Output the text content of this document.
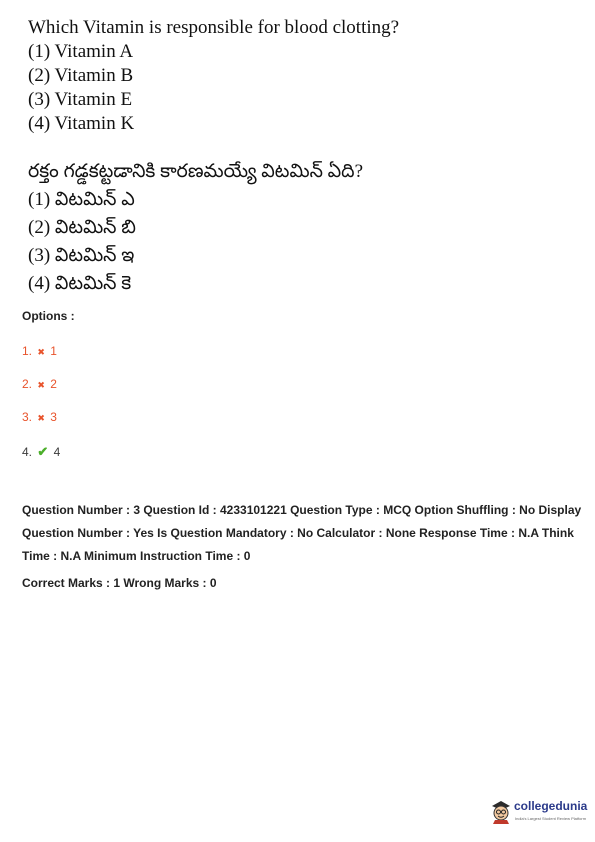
Which Vitamin is responsible for blood clotting?
(1) Vitamin A
(2) Vitamin B
(3) Vitamin E
(4) Vitamin K
రక్తం గడ్డకట్టడానికి కారణమయ్యే విటమిన్ ఏది?
(1) విటమిన్ ఎ
(2) విటమిన్ బి
(3) విటమిన్ ఇ
(4) విటమిన్ కె
Options :
1. ✖ 1
2. ✖ 2
3. ✖ 3
4. ✔ 4

Question Number : 3 Question Id : 4233101221 Question Type : MCQ Option Shuffling : No Display Question Number : Yes Is Question Mandatory : No Calculator : None Response Time : N.A Think Time : N.A Minimum Instruction Time : 0

Correct Marks : 1 Wrong Marks : 0

collegedunia
India's Largest Student Review Platform
